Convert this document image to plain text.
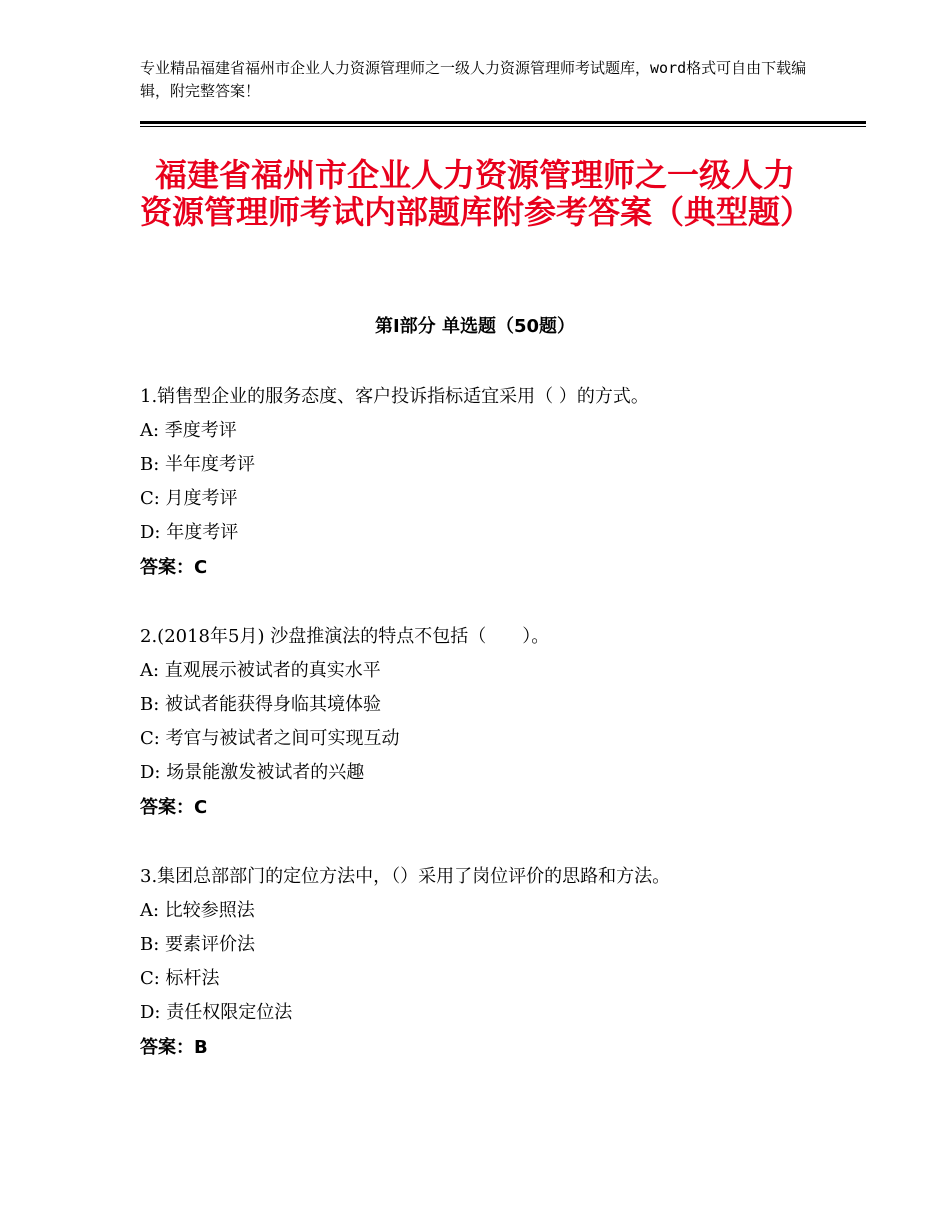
专业精品福建省福州市企业人力资源管理师之一级人力资源管理师考试题库，word格式可自由下载编辑，附完整答案！
福建省福州市企业人力资源管理师之一级人力资源管理师考试内部题库附参考答案（典型题）
第Ⅰ部分 单选题（50题）
1.销售型企业的服务态度、客户投诉指标适宜采用（ ）的方式。
A: 季度考评
B: 半年度考评
C: 月度考评
D: 年度考评
答案：C
2.(2018年5月) 沙盘推演法的特点不包括（　　）。
A: 直观展示被试者的真实水平
B: 被试者能获得身临其境体验
C: 考官与被试者之间可实现互动
D: 场景能激发被试者的兴趣
答案：C
3.集团总部部门的定位方法中，（）采用了岗位评价的思路和方法。
A: 比较参照法
B: 要素评价法
C: 标杆法
D: 责任权限定位法
答案：B
